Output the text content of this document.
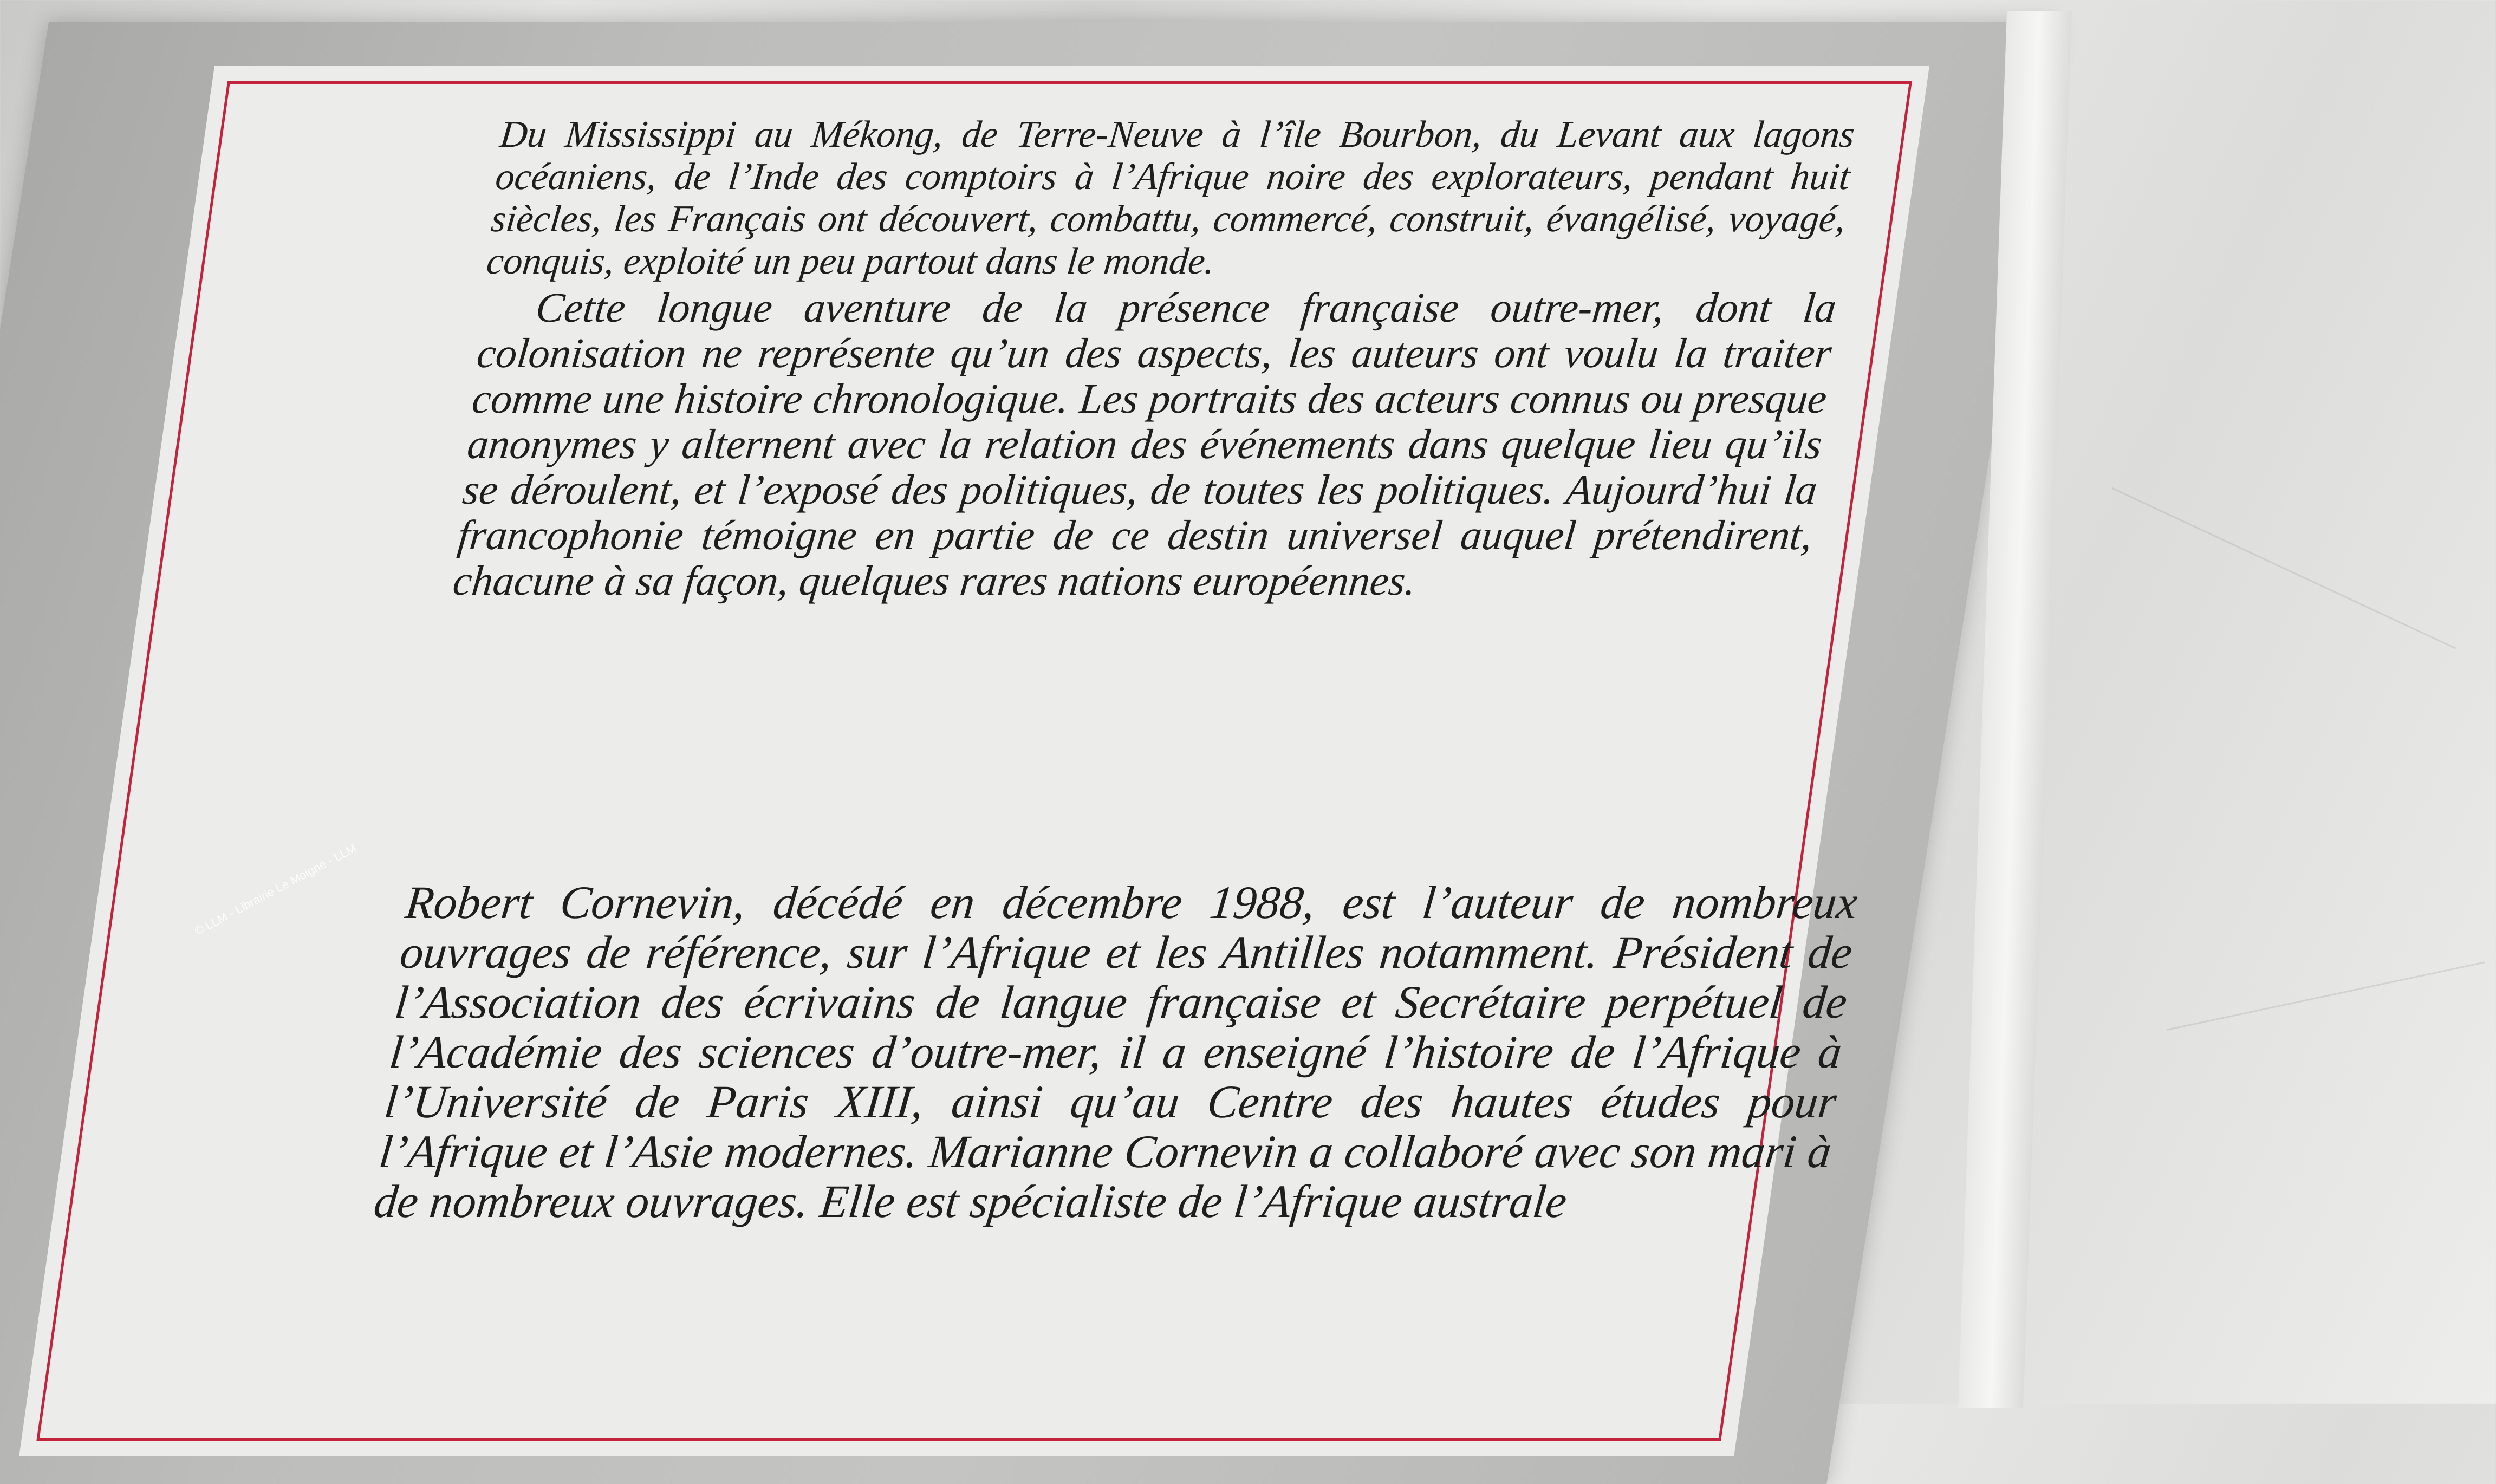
Du Mississippi au Mékong, de Terre-Neuve à l’île Bourbon, du Levant aux lagons océaniens, de l’Inde des comptoirs à l’Afrique noire des explorateurs, pendant huit siècles, les Français ont découvert, combattu, commercé, construit, évangélisé, voyagé, conquis, exploité un peu partout dans le monde.
Cette longue aventure de la présence française outre-mer, dont la colonisation ne représente qu’un des aspects, les auteurs ont voulu la traiter comme une histoire chronologique. Les portraits des acteurs connus ou presque anonymes y alternent avec la relation des événements dans quelque lieu qu’ils se déroulent, et l’exposé des politiques, de toutes les politiques. Aujourd’hui la francophonie témoigne en partie de ce destin universel auquel prétendirent, chacune à sa façon, quelques rares nations européennes.
Robert Cornevin, décédé en décembre 1988, est l’auteur de nombreux ouvrages de référence, sur l’Afrique et les Antilles notamment. Président de l’Association des écrivains de langue française et Secrétaire perpétuel de l’Académie des sciences d’outre-mer, il a enseigné l’histoire de l’Afrique à l’Université de Paris XIII, ainsi qu’au Centre des hautes études pour l’Afrique et l’Asie modernes. Marianne Cornevin a collaboré avec son mari à de nombreux ouvrages. Elle est spécialiste de l’Afrique australe
© LLM - Librairie Le Moigne - LLM
